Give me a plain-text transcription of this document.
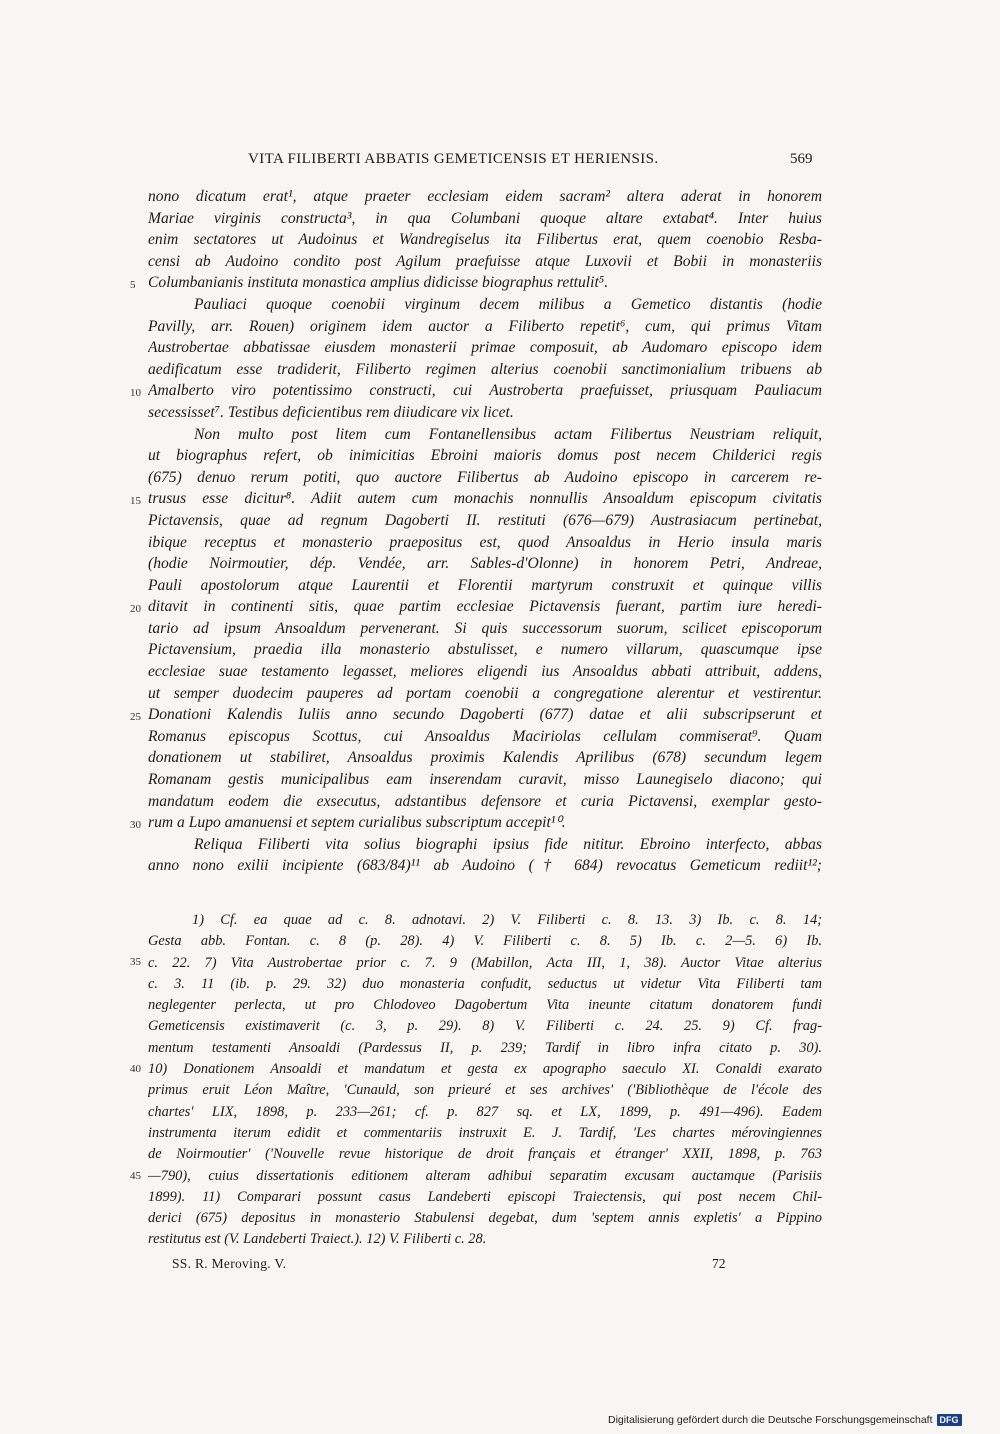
VITA FILIBERTI ABBATIS GEMETICENSIS ET HERIENSIS.	569
nono dicatum erat¹, atque praeter ecclesiam eidem sacram² altera aderat in honorem
Mariae virginis constructa³, in qua Columbani quoque altare extabat⁴. Inter huius
enim sectatores ut Audoinus et Wandregiselus ita Filibertus erat, quem coenobio Resba-
censi ab Audoino condito post Agilum praefuisse atque Luxovii et Bobii in monasteriis
Columbanianis instituta monastica amplius didicisse biographus rettulit⁵.
Pauliaci quoque coenobii virginum decem milibus a Gemetico distantis (hodie
Pavilly, arr. Rouen) originem idem auctor a Filiberto repetit⁶, cum, qui primus Vitam
Austrobertae abbatissae eiusdem monasterii primae composuit, ab Audomaro episcopo idem
aedificatum esse tradiderit, Filiberto regimen alterius coenobii sanctimonialium tribuens ab
Amalberto viro potentissimo constructi, cui Austroberta praefuisset, priusquam Pauliacum
secessisset⁷. Testibus deficientibus rem diiudicare vix licet.
Non multo post litem cum Fontanellensibus actam Filibertus Neustriam reliquit,
ut biographus refert, ob inimicitias Ebroini maioris domus post necem Childerici regis
(675) denuo rerum potiti, quo auctore Filibertus ab Audoino episcopo in carcerem re-
trusus esse dicitur⁸. Adiit autem cum monachis nonnullis Ansoaldum episcopum civitatis
Pictavensis, quae ad regnum Dagoberti II. restituti (676—679) Austrasiacum pertinebat,
ibique receptus et monasterio praepositus est, quod Ansoaldus in Herio insula maris
(hodie Noirmoutier, dép. Vendée, arr. Sables-d'Olonne) in honorem Petri, Andreae,
Pauli apostolorum atque Laurentii et Florentii martyrum construxit et quinque villis
ditavit in continenti sitis, quae partim ecclesiae Pictavensis fuerant, partim iure heredi-
tario ad ipsum Ansoaldum pervenerant. Si quis successorum suorum, scilicet episcoporum
Pictavensium, praedia illa monasterio abstulisset, e numero villarum, quascumque ipse
ecclesiae suae testamento legasset, meliores eligendi ius Ansoaldus abbati attribuit, addens,
ut semper duodecim pauperes ad portam coenobii a congregatione alerentur et vestirentur.
Donationi Kalendis Iuliis anno secundo Dagoberti (677) datae et alii subscripserunt et
Romanus episcopus Scottus, cui Ansoaldus Maciriolas cellulam commiserat⁹. Quam
donationem ut stabiliret, Ansoaldus proximis Kalendis Aprilibus (678) secundum legem
Romanam gestis municipalibus eam inserendam curavit, misso Launegiselo diacono; qui
mandatum eodem die exsecutus, adstantibus defensore et curia Pictavensi, exemplar gesto-
rum a Lupo amanuensi et septem curialibus subscriptum accepit¹⁰.
Reliqua Filiberti vita solius biographi ipsius fide nititur. Ebroino interfecto, abbas
anno nono exilii incipiente (683/84)¹¹ ab Audoino († 684) revocatus Gemeticum rediit¹²;
5
10
15
20
25
30
1) Cf. ea quae ad c. 8. adnotavi. 2) V. Filiberti c. 8. 13. 3) Ib. c. 8. 14;
Gesta abb. Fontan. c. 8 (p. 28). 4) V. Filiberti c. 8. 5) Ib. c. 2—5. 6) Ib.
c. 22. 7) Vita Austrobertae prior c. 7. 9 (Mabillon, Acta III, 1, 38). Auctor Vitae alterius
c. 3. 11 (ib. p. 29. 32) duo monasteria confudit, seductus ut videtur Vita Filiberti tam
neglegenter perlecta, ut pro Chlodoveo Dagobertum Vita ineunte citatum donatorem fundi
Gemeticensis existimaverit (c. 3, p. 29). 8) V. Filiberti c. 24. 25. 9) Cf. frag-
mentum testamenti Ansoaldi (Pardessus II, p. 239; Tardif in libro infra citato p. 30).
10) Donationem Ansoaldi et mandatum et gesta ex apographo saeculo XI. Conaldi exarato
primus eruit Léon Maître, 'Cunauld, son prieuré et ses archives' ('Bibliothèque de l'école des
chartes' LIX, 1898, p. 233—261; cf. p. 827 sq. et LX, 1899, p. 491—496). Eadem
instrumenta iterum edidit et commentariis instruxit E. J. Tardif, 'Les chartes mérovingiennes
de Noirmoutier' ('Nouvelle revue historique de droit français et étranger' XXII, 1898, p. 763
—790), cuius dissertationis editionem alteram adhibui separatim excusam auctamque (Parisiis
1899). 11) Comparari possunt casus Landeberti episcopi Traiectensis, qui post necem Chil-
derici (675) depositus in monasterio Stabulensi degebat, dum 'septem annis expletis' a Pippino
restitutus est (V. Landeberti Traiect.). 12) V. Filiberti c. 28.
35
40
45
SS. R. Meroving. V.	72
Digitalisierung gefördert durch die Deutsche Forschungsgemeinschaft DFG
